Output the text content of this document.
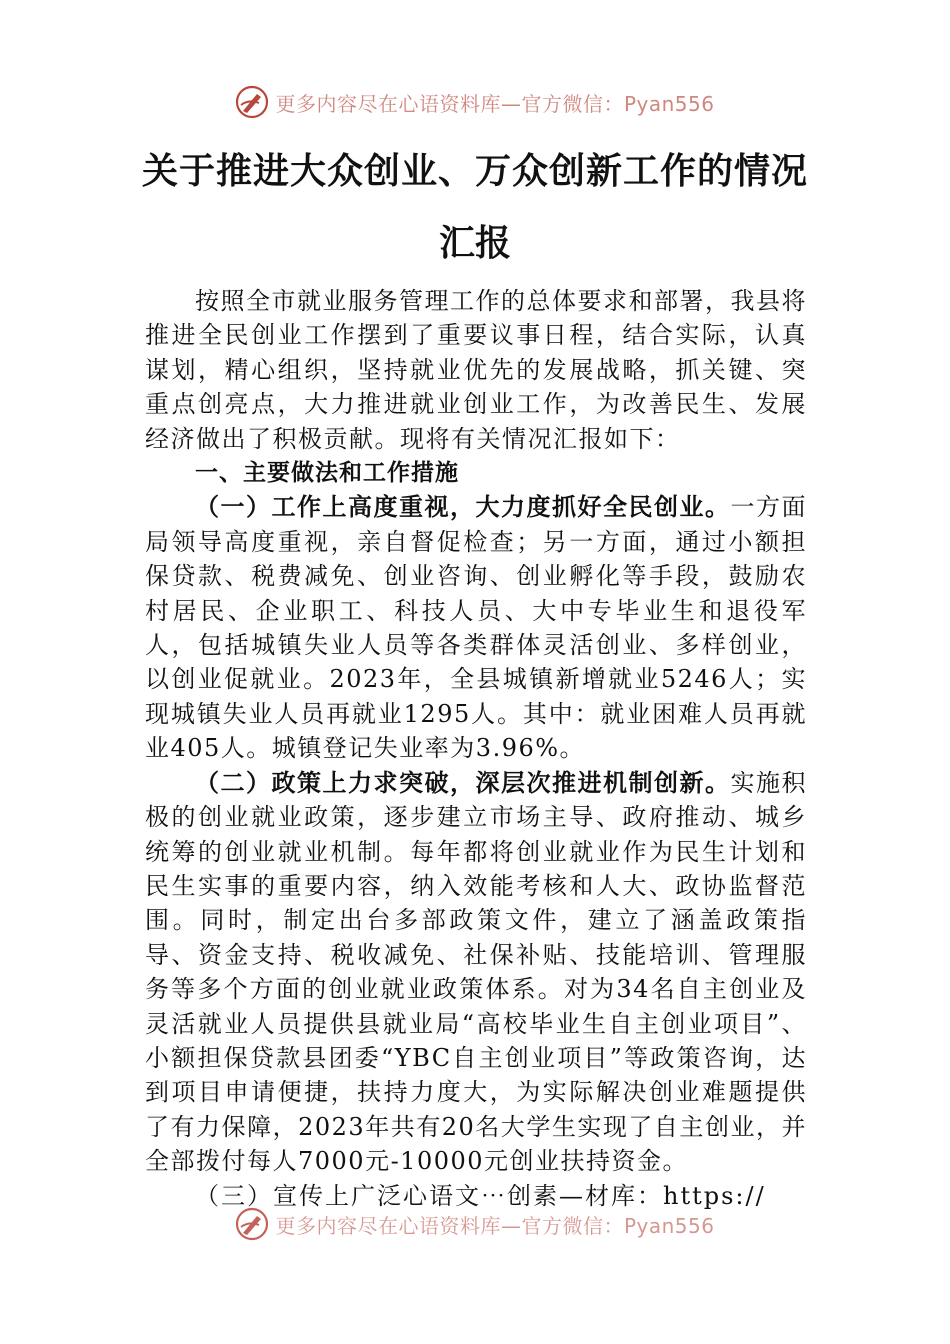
更多内容尽在心语资料库—官方微信：Pyan556
关于推进大众创业、万众创新工作的情况
汇报

按照全市就业服务管理工作的总体要求和部署，我县将推进全民创业工作摆到了重要议事日程，结合实际，认真谋划，精心组织，坚持就业优先的发展战略，抓关键、突重点创亮点，大力推进就业创业工作，为改善民生、发展经济做出了积极贡献。现将有关情况汇报如下：

一、主要做法和工作措施

（一）工作上高度重视，大力度抓好全民创业。一方面局领导高度重视，亲自督促检查；另一方面，通过小额担保贷款、税费减免、创业咨询、创业孵化等手段，鼓励农村居民、企业职工、科技人员、大中专毕业生和退役军人，包括城镇失业人员等各类群体灵活创业、多样创业，以创业促就业。2023年，全县城镇新增就业5246人；实现城镇失业人员再就业1295人。其中：就业困难人员再就业405人。城镇登记失业率为3.96%。

（二）政策上力求突破，深层次推进机制创新。实施积极的创业就业政策，逐步建立市场主导、政府推动、城乡统筹的创业就业机制。每年都将创业就业作为民生计划和民生实事的重要内容，纳入效能考核和人大、政协监督范围。同时，制定出台多部政策文件，建立了涵盖政策指导、资金支持、税收减免、社保补贴、技能培训、管理服务等多个方面的创业就业政策体系。对为34名自主创业及灵活就业人员提供县就业局“高校毕业生自主创业项目”、小额担保贷款县团委“YBC自主创业项目”等政策咨询，达到项目申请便捷，扶持力度大，为实际解决创业难题提供了有力保障，2023年共有20名大学生实现了自主创业，并全部拨付每人7000元-10000元创业扶持资金。

（三）宣传上广泛心语文⋯创素—材库：https://

更多内容尽在心语资料库—官方微信：Pyan556
